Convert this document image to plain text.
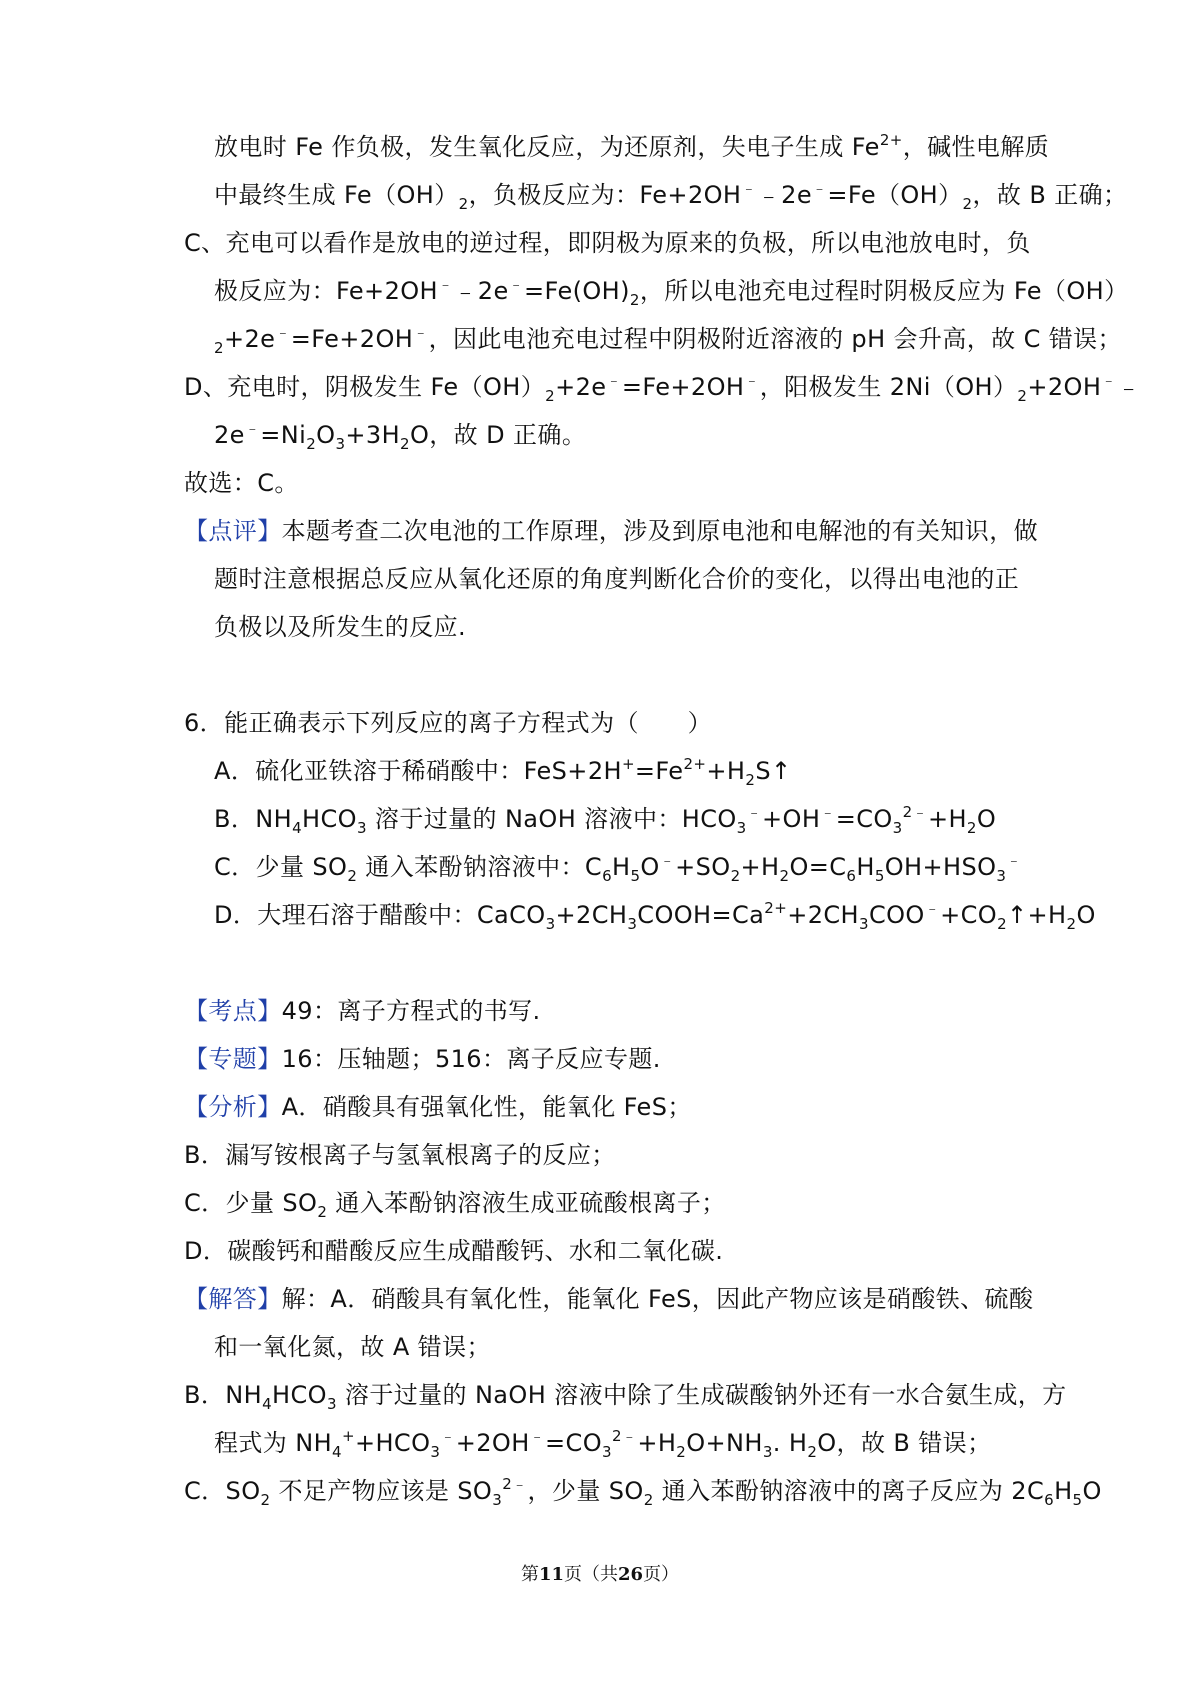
放电时 Fe 作负极，发生氧化反应，为还原剂，失电子生成 $Fe^{2+}$，碱性电解质
中最终生成 $Fe(OH)_2$，负极反应为：$Fe+2OH^﹣﹣2e^﹣=Fe(OH)_2$，故 B 正确；
C、充电可以看作是放电的逆过程，即阴极为原来的负极，所以电池放电时，负
极反应为：$Fe+2OH^﹣﹣2e^﹣=Fe(OH)_2$，所以电池充电过程时阴极反应为 Fe（OH）
$_2$+2e﹣=Fe+2OH﹣，因此电池充电过程中阴极附近溶液的 pH 会升高，故 C 错误；
D、充电时，阴极发生 $Fe(OH)_2+2e^﹣=Fe+2OH^﹣$，阳极发生 $2Ni(OH)_2+2OH^﹣﹣$
$2e^﹣=Ni_2O_3+3H_2O$，故 D 正确。
故选：C。
【点评】本题考查二次电池的工作原理，涉及到原电池和电解池的有关知识，做
题时注意根据总反应从氧化还原的角度判断化合价的变化，以得出电池的正
负极以及所发生的反应.
6．能正确表示下列反应的离子方程式为（　　）
A．硫化亚铁溶于稀硝酸中：$FeS+2H^+=Fe^{2+}+H_2S↑$
B．$NH_4HCO_3$ 溶于过量的 NaOH 溶液中：$HCO_3^﹣+OH^﹣=CO_3^{2﹣}+H_2O$
C．少量 $SO_2$ 通入苯酚钠溶液中：$C_6H_5O^﹣+SO_2+H_2O=C_6H_5OH+HSO_3^﹣$
D．大理石溶于醋酸中：$CaCO_3+2CH_3COOH=Ca^{2+}+2CH_3COO^﹣+CO_2↑+H_2O$
【考点】49：离子方程式的书写.
【专题】16：压轴题；516：离子反应专题.
【分析】A．硝酸具有强氧化性，能氧化 FeS；
B．漏写铵根离子与氢氧根离子的反应；
C．少量 $SO_2$ 通入苯酚钠溶液生成亚硫酸根离子；
D．碳酸钙和醋酸反应生成醋酸钙、水和二氧化碳.
【解答】解：A．硝酸具有氧化性，能氧化 FeS，因此产物应该是硝酸铁、硫酸
和一氧化氮，故 A 错误；
B．$NH_4HCO_3$ 溶于过量的 NaOH 溶液中除了生成碳酸钠外还有一水合氨生成，方
程式为 $NH_4^++HCO_3^﹣+2OH^﹣=CO_3^{2﹣}+H_2O+NH_3$. $H_2O$，故 B 错误；
C．$SO_2$ 不足产物应该是 $SO_3^{2﹣}$，少量 $SO_2$ 通入苯酚钠溶液中的离子反应为 $2C_6H_5O$
第11页（共26页）
